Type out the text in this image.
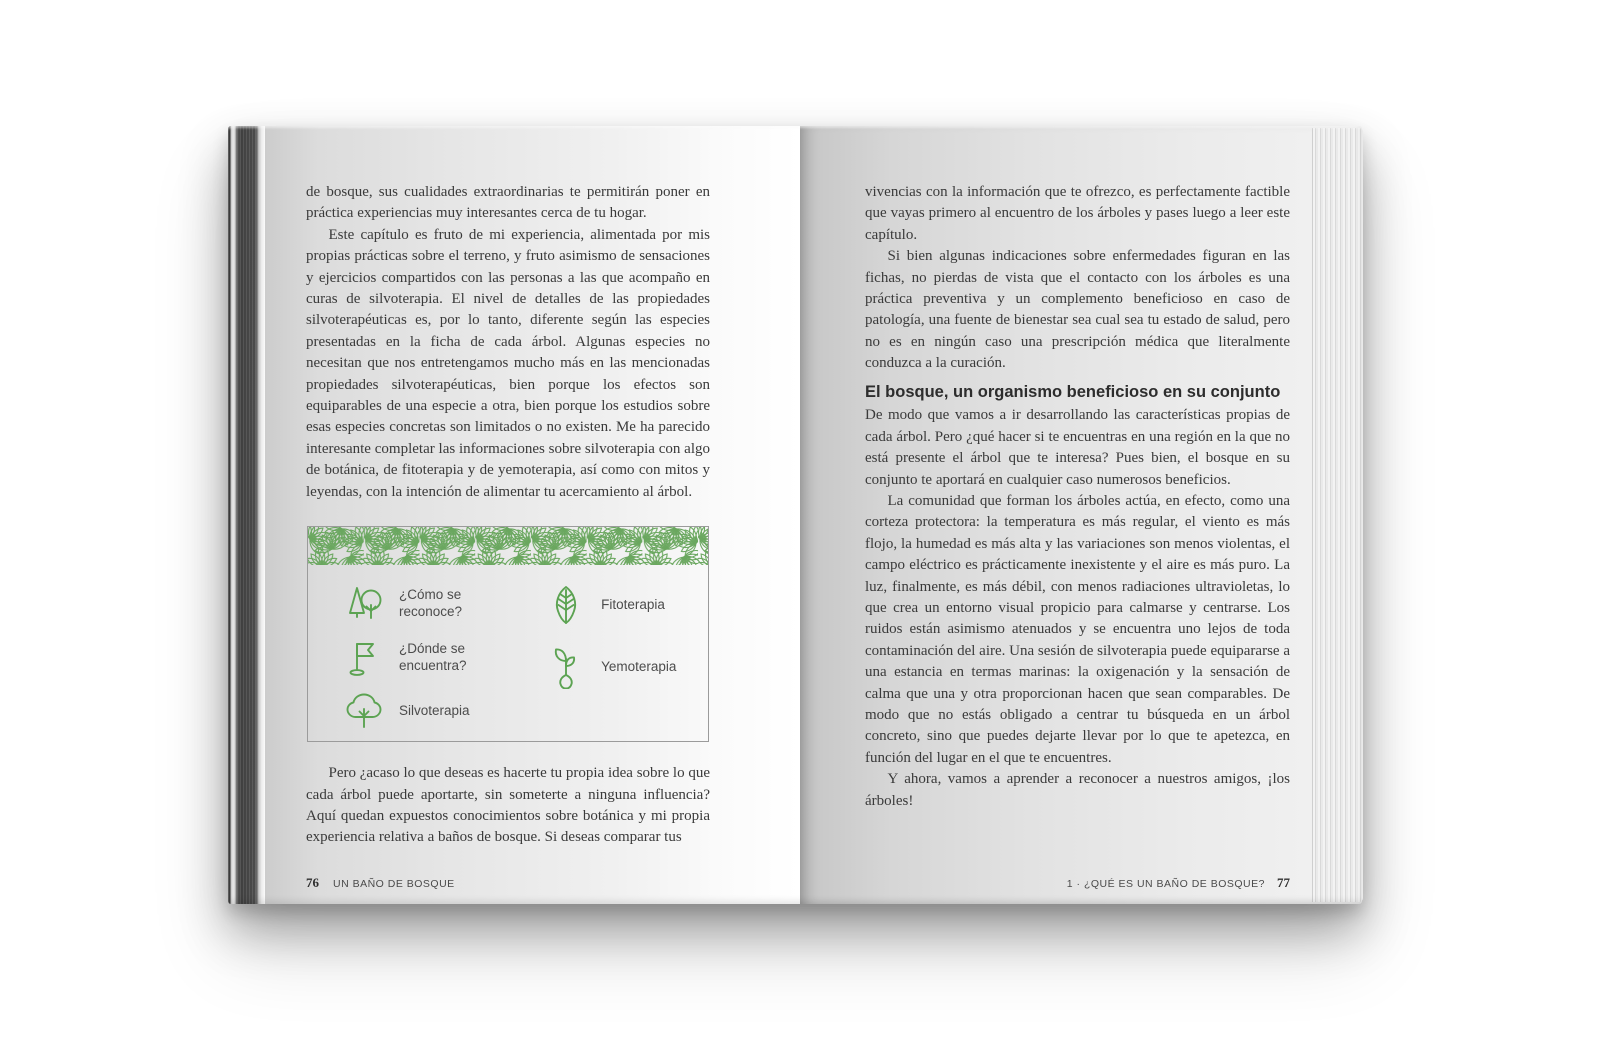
de bosque, sus cualidades extraordinarias te permitirán poner en práctica experiencias muy interesantes cerca de tu hogar.

Este capítulo es fruto de mi experiencia, alimentada por mis propias prácticas sobre el terreno, y fruto asimismo de sensaciones y ejercicios compartidos con las personas a las que acompaño en curas de silvoterapia. El nivel de detalles de las propiedades silvoterapéuticas es, por lo tanto, diferente según las especies presentadas en la ficha de cada árbol. Algunas especies no necesitan que nos entretengamos mucho más en las mencionadas propiedades silvoterapéuticas, bien porque los efectos son equiparables de una especie a otra, bien porque los estudios sobre esas especies concretas son limitados o no existen. Me ha parecido interesante completar las informaciones sobre silvoterapia con algo de botánica, de fitoterapia y de yemoterapia, así como con mitos y leyendas, con la intención de alimentar tu acercamiento al árbol.

¿Cómo se reconoce?
¿Dónde se encuentra?
Silvoterapia
Fitoterapia
Yemoterapia

Pero ¿acaso lo que deseas es hacerte tu propia idea sobre lo que cada árbol puede aportarte, sin someterte a ninguna influencia? Aquí quedan expuestos conocimientos sobre botánica y mi propia experiencia relativa a baños de bosque. Si deseas comparar tus

76 UN BAÑO DE BOSQUE

vivencias con la información que te ofrezco, es perfectamente factible que vayas primero al encuentro de los árboles y pases luego a leer este capítulo.

Si bien algunas indicaciones sobre enfermedades figuran en las fichas, no pierdas de vista que el contacto con los árboles es una práctica preventiva y un complemento beneficioso en caso de patología, una fuente de bienestar sea cual sea tu estado de salud, pero no es en ningún caso una prescripción médica que literalmente conduzca a la curación.

El bosque, un organismo beneficioso en su conjunto

De modo que vamos a ir desarrollando las características propias de cada árbol. Pero ¿qué hacer si te encuentras en una región en la que no está presente el árbol que te interesa? Pues bien, el bosque en su conjunto te aportará en cualquier caso numerosos beneficios.

La comunidad que forman los árboles actúa, en efecto, como una corteza protectora: la temperatura es más regular, el viento es más flojo, la humedad es más alta y las variaciones son menos violentas, el campo eléctrico es prácticamente inexistente y el aire es más puro. La luz, finalmente, es más débil, con menos radiaciones ultravioletas, lo que crea un entorno visual propicio para calmarse y centrarse. Los ruidos están asimismo atenuados y se encuentra uno lejos de toda contaminación del aire. Una sesión de silvoterapia puede equipararse a una estancia en termas marinas: la oxigenación y la sensación de calma que una y otra proporcionan hacen que sean comparables. De modo que no estás obligado a centrar tu búsqueda en un árbol concreto, sino que puedes dejarte llevar por lo que te apetezca, en función del lugar en el que te encuentres.

Y ahora, vamos a aprender a reconocer a nuestros amigos, ¡los árboles!

1 · ¿QUÉ ES UN BAÑO DE BOSQUE? 77
